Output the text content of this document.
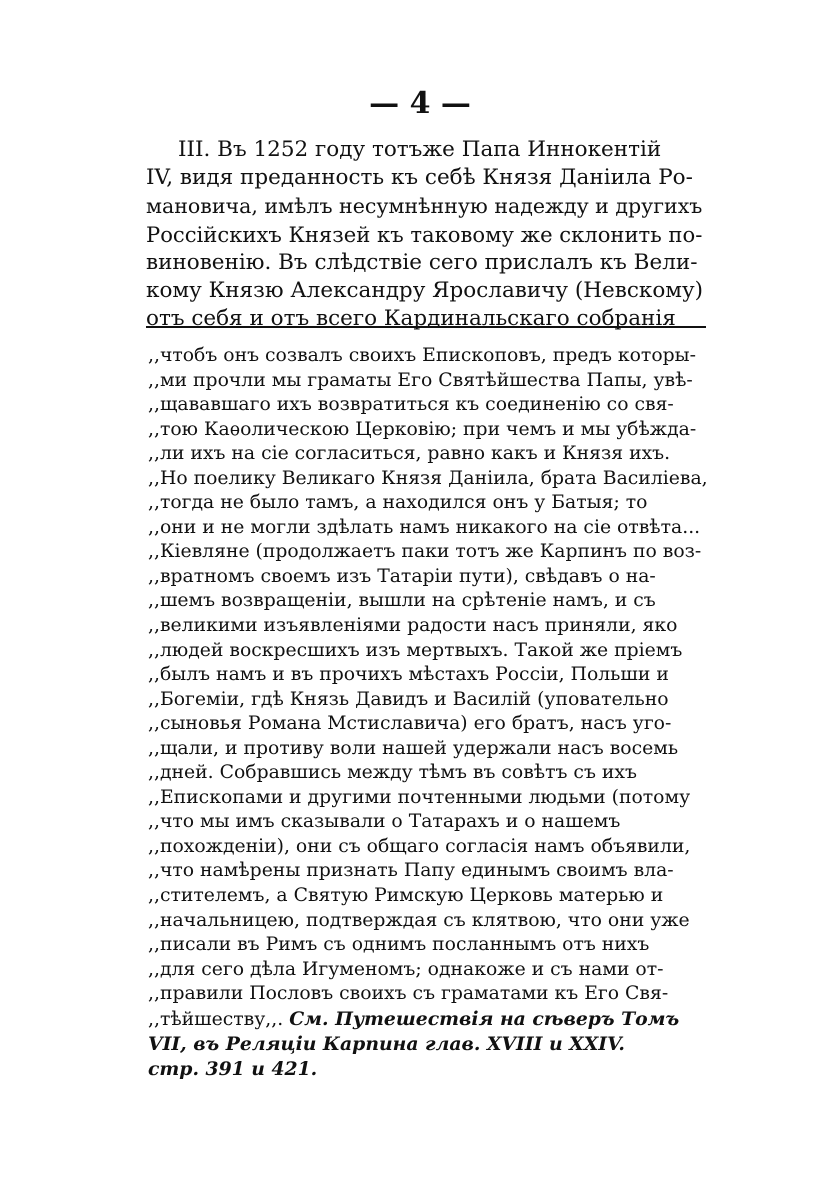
— 4 —
III. Въ 1252 году тотъже Папа Иннокентій
IV, видя преданность къ себѣ Князя Даніила Ро-
мановича, имѣлъ несумнѣнную надежду и другихъ
Россійскихъ Князей къ таковому же склонить по-
виновенію. Въ слѣдствіе сего прислалъ къ Вели-
кому Князю Александру Ярославичу (Невскому)
отъ себя и отъ всего Кардинальскаго собранія
,,чтобъ онъ созвалъ своихъ Епископовъ, предъ которы-
,,ми прочли мы грамaты Его Святѣйшества Папы, увѣ-
,,щававшаго ихъ возвратиться къ соединенію со свя-
,,тою Каѳолическою Церковію; при чемъ и мы убѣжда-
,,ли ихъ на сіе согласиться, равно какъ и Князя ихъ.
,,Но поелику Великаго Князя Даніила, брата Василіева,
,,тогда не было тамъ, а находился онъ у Батыя; то
,,они и не могли здѣлать намъ никакого на сіе отвѣта...
,,Кіевляне (продолжаетъ паки тотъ же Карпинъ по воз-
,,вратномъ своемъ изъ Татаріи пути), свѣдавъ о на-
,,шемъ возвращеніи, вышли на срѣтеніе намъ, и съ
,,великими изъявленіями радости насъ приняли, яко
,,людей воскресшихъ изъ мертвыхъ. Такой же пріемъ
,,былъ намъ и въ прочихъ мѣстахъ Россіи, Польши и
,,Богеміи, гдѣ Князь Давидъ и Василій (уповательно
,,сыновья Романа Мстиславича) его братъ, насъ уго-
,,щали, и противу воли нашей удержали насъ восемь
,,дней. Собравшись между тѣмъ въ совѣтъ съ ихъ
,,Епископами и другими почтенными людьми (потому
,,что мы имъ сказывали о Татарахъ и о нашемъ
,,похожденіи), они съ общаго согласія намъ объявили,
,,что намѣрены признать Папу единымъ своимъ вла-
,,стителемъ, а Святую Римскую Церковь матерью и
,,начальницею, подтверждая съ клятвою, что они уже
,,писали въ Римъ съ однимъ посланнымъ отъ нихъ
,,для сего дѣла Игуменомъ; однакоже и съ нами от-
,,правили Пословъ своихъ съ грамaтами къ Его Свя-
,,тѣйшеству,,. См. Путешествія на сѣверъ Томъ
VII, въ Реляціи Карпина глав. XVIII и XXIV.
стр. 391 и 421.
